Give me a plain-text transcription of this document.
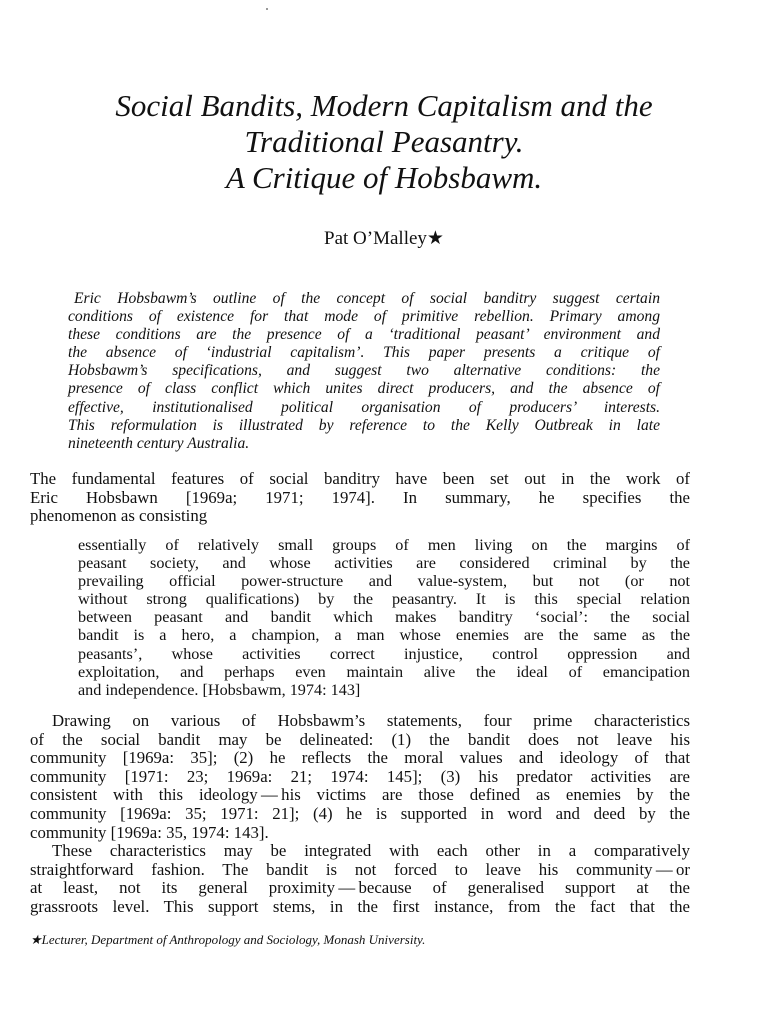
Social Bandits, Modern Capitalism and the
Traditional Peasantry.
A Critique of Hobsbawm.
Pat O’Malley★
Eric Hobsbawm’s outline of the concept of social banditry suggest certain
conditions of existence for that mode of primitive rebellion. Primary among
these conditions are the presence of a ‘traditional peasant’ environment and
the absence of ‘industrial capitalism’. This paper presents a critique of
Hobsbawm’s specifications, and suggest two alternative conditions: the
presence of class conflict which unites direct producers, and the absence of
effective, institutionalised political organisation of producers’ interests.
This reformulation is illustrated by reference to the Kelly Outbreak in late
nineteenth century Australia.
The fundamental features of social banditry have been set out in the work of
Eric Hobsbawn [1969a; 1971; 1974]. In summary, he specifies the
phenomenon as consisting
essentially of relatively small groups of men living on the margins of
peasant society, and whose activities are considered criminal by the
prevailing official power-structure and value-system, but not (or not
without strong qualifications) by the peasantry. It is this special relation
between peasant and bandit which makes banditry ‘social’: the social
bandit is a hero, a champion, a man whose enemies are the same as the
peasants’, whose activities correct injustice, control oppression and
exploitation, and perhaps even maintain alive the ideal of emancipation
and independence. [Hobsbawm, 1974: 143]
Drawing on various of Hobsbawm’s statements, four prime characteristics
of the social bandit may be delineated: (1) the bandit does not leave his
community [1969a: 35]; (2) he reflects the moral values and ideology of that
community [1971: 23; 1969a: 21; 1974: 145]; (3) his predator activities are
consistent with this ideology — his victims are those defined as enemies by the
community [1969a: 35; 1971: 21]; (4) he is supported in word and deed by the
community [1969a: 35, 1974: 143].
These characteristics may be integrated with each other in a comparatively
straightforward fashion. The bandit is not forced to leave his community — or
at least, not its general proximity — because of generalised support at the
grassroots level. This support stems, in the first instance, from the fact that the
★Lecturer, Department of Anthropology and Sociology, Monash University.
